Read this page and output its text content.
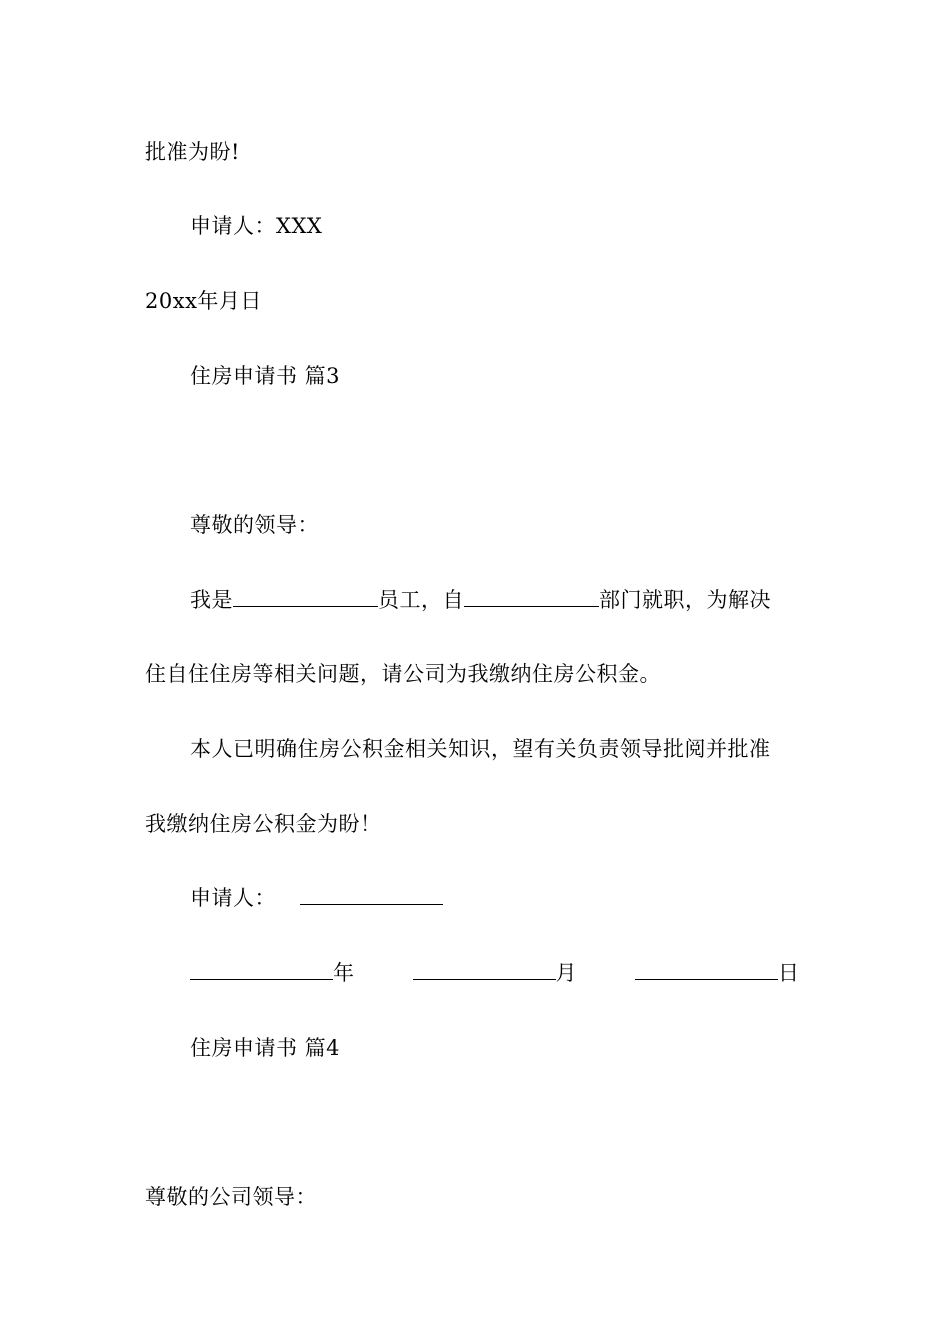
批准为盼!
申请人：XXX
20xx年月日
住房申请书 篇3
尊敬的领导：
我是	员工，自	部门就职，为解决
住自住住房等相关问题，请公司为我缴纳住房公积金。
本人已明确住房公积金相关知识，望有关负责领导批阅并批准
我缴纳住房公积金为盼！
申请人：
年	月	日
住房申请书 篇4
尊敬的公司领导：
